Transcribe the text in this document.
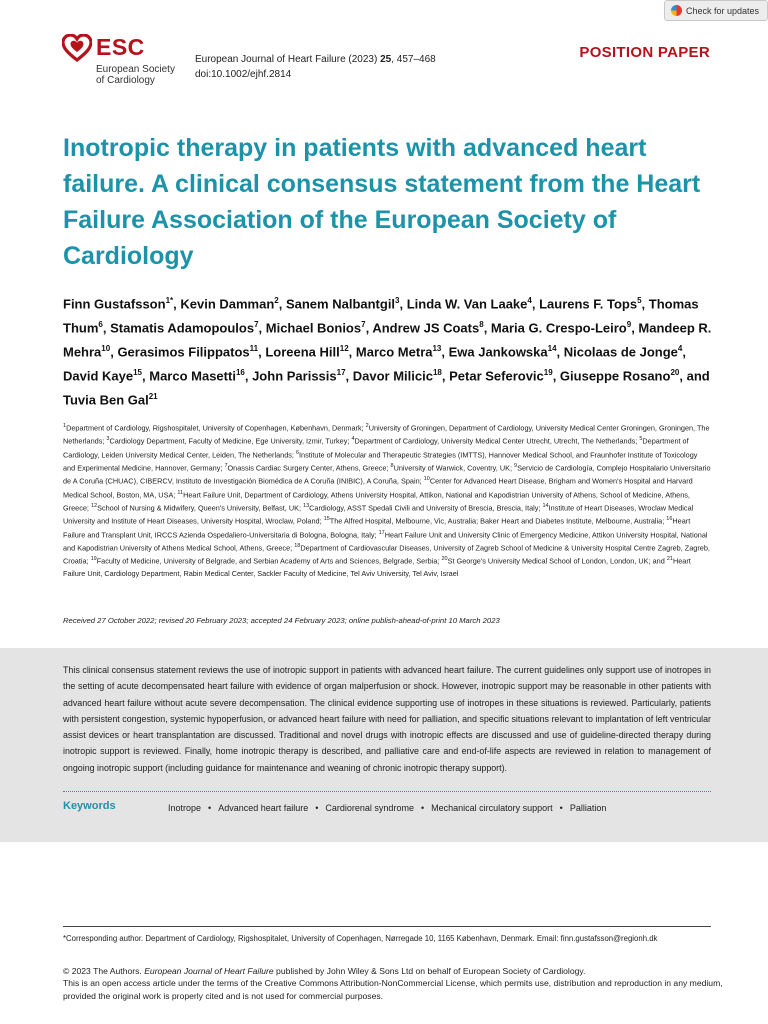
Check for updates
ESC
European Society
of Cardiology
European Journal of Heart Failure (2023) 25, 457–468
doi:10.1002/ejhf.2814
POSITION PAPER
Inotropic therapy in patients with advanced heart failure. A clinical consensus statement from the Heart Failure Association of the European Society of Cardiology
Finn Gustafsson$^{1*}$, Kevin Damman$^2$, Sanem Nalbantgil$^3$, Linda W. Van Laake$^4$, Laurens F. Tops$^5$, Thomas Thum$^6$, Stamatis Adamopoulos$^7$, Michael Bonios$^7$, Andrew JS Coats$^8$, Maria G. Crespo-Leiro$^9$, Mandeep R. Mehra$^{10}$, Gerasimos Filippatos$^{11}$, Loreena Hill$^{12}$, Marco Metra$^{13}$, Ewa Jankowska$^{14}$, Nicolaas de Jonge$^4$, David Kaye$^{15}$, Marco Masetti$^{16}$, John Parissis$^{17}$, Davor Milicic$^{18}$, Petar Seferovic$^{19}$, Giuseppe Rosano$^{20}$, and Tuvia Ben Gal$^{21}$
$^1$Department of Cardiology, Rigshospitalet, University of Copenhagen, København, Denmark; $^2$University of Groningen, Department of Cardiology, University Medical Center Groningen, Groningen, The Netherlands; $^3$Cardiology Department, Faculty of Medicine, Ege University, Izmir, Turkey; $^4$Department of Cardiology, University Medical Center Utrecht, Utrecht, The Netherlands; $^5$Department of Cardiology, Leiden University Medical Center, Leiden, The Netherlands; $^6$Institute of Molecular and Therapeutic Strategies (IMTTS), Hannover Medical School, and Fraunhofer Institute of Toxicology and Experimental Medicine, Hannover, Germany; $^7$Onassis Cardiac Surgery Center, Athens, Greece; $^8$University of Warwick, Coventry, UK; $^9$Servicio de Cardiología, Complejo Hospitalario Universitario de A Coruña (CHUAC), CIBERCV, Instituto de Investigación Biomédica de A Coruña (INIBIC), A Coruña, Spain; $^{10}$Center for Advanced Heart Disease, Brigham and Women's Hospital and Harvard Medical School, Boston, MA, USA; $^{11}$Heart Failure Unit, Department of Cardiology, Athens University Hospital, Attikon, National and Kapodistrian University of Athens, School of Medicine, Athens, Greece; $^{12}$School of Nursing & Midwifery, Queen's University, Belfast, UK; $^{13}$Cardiology, ASST Spedali Civili and University of Brescia, Brescia, Italy; $^{14}$Institute of Heart Diseases, Wroclaw Medical University and Institute of Heart Diseases, University Hospital, Wroclaw, Poland; $^{15}$The Alfred Hospital, Melbourne, Vic, Australia; Baker Heart and Diabetes Institute, Melbourne, Australia; $^{16}$Heart Failure and Transplant Unit, IRCCS Azienda Ospedaliero-Universitaria di Bologna, Bologna, Italy; $^{17}$Heart Failure Unit and University Clinic of Emergency Medicine, Attikon University Hospital, National and Kapodistrian University of Athens Medical School, Athens, Greece; $^{18}$Department of Cardiovascular Diseases, University of Zagreb School of Medicine & University Hospital Centre Zagreb, Zagreb, Croatia; $^{19}$Faculty of Medicine, University of Belgrade, and Serbian Academy of Arts and Sciences, Belgrade, Serbia; $^{20}$St George's University Medical School of London, London, UK; and $^{21}$Heart Failure Unit, Cardiology Department, Rabin Medical Center, Sackler Faculty of Medicine, Tel Aviv University, Tel Aviv, Israel
Received 27 October 2022; revised 20 February 2023; accepted 24 February 2023; online publish-ahead-of-print 10 March 2023
This clinical consensus statement reviews the use of inotropic support in patients with advanced heart failure. The current guidelines only support use of inotropes in the setting of acute decompensated heart failure with evidence of organ malperfusion or shock. However, inotropic support may be reasonable in other patients with advanced heart failure without acute severe decompensation. The clinical evidence supporting use of inotropes in these situations is reviewed. Particularly, patients with persistent congestion, systemic hypoperfusion, or advanced heart failure with need for palliation, and specific situations relevant to implantation of left ventricular assist devices or heart transplantation are discussed. Traditional and novel drugs with inotropic effects are discussed and use of guideline-directed therapy during inotropic support is reviewed. Finally, home inotropic therapy is described, and palliative care and end-of-life aspects are reviewed in relation to management of ongoing inotropic support (including guidance for maintenance and weaning of chronic inotropic therapy support).
Keywords	Inotrope • Advanced heart failure • Cardiorenal syndrome • Mechanical circulatory support • Palliation
*Corresponding author. Department of Cardiology, Rigshospitalet, University of Copenhagen, Nørregade 10, 1165 København, Denmark. Email: finn.gustafsson@regionh.dk
© 2023 The Authors. European Journal of Heart Failure published by John Wiley & Sons Ltd on behalf of European Society of Cardiology.
This is an open access article under the terms of the Creative Commons Attribution-NonCommercial License, which permits use, distribution and reproduction in any medium, provided the original work is properly cited and is not used for commercial purposes.
